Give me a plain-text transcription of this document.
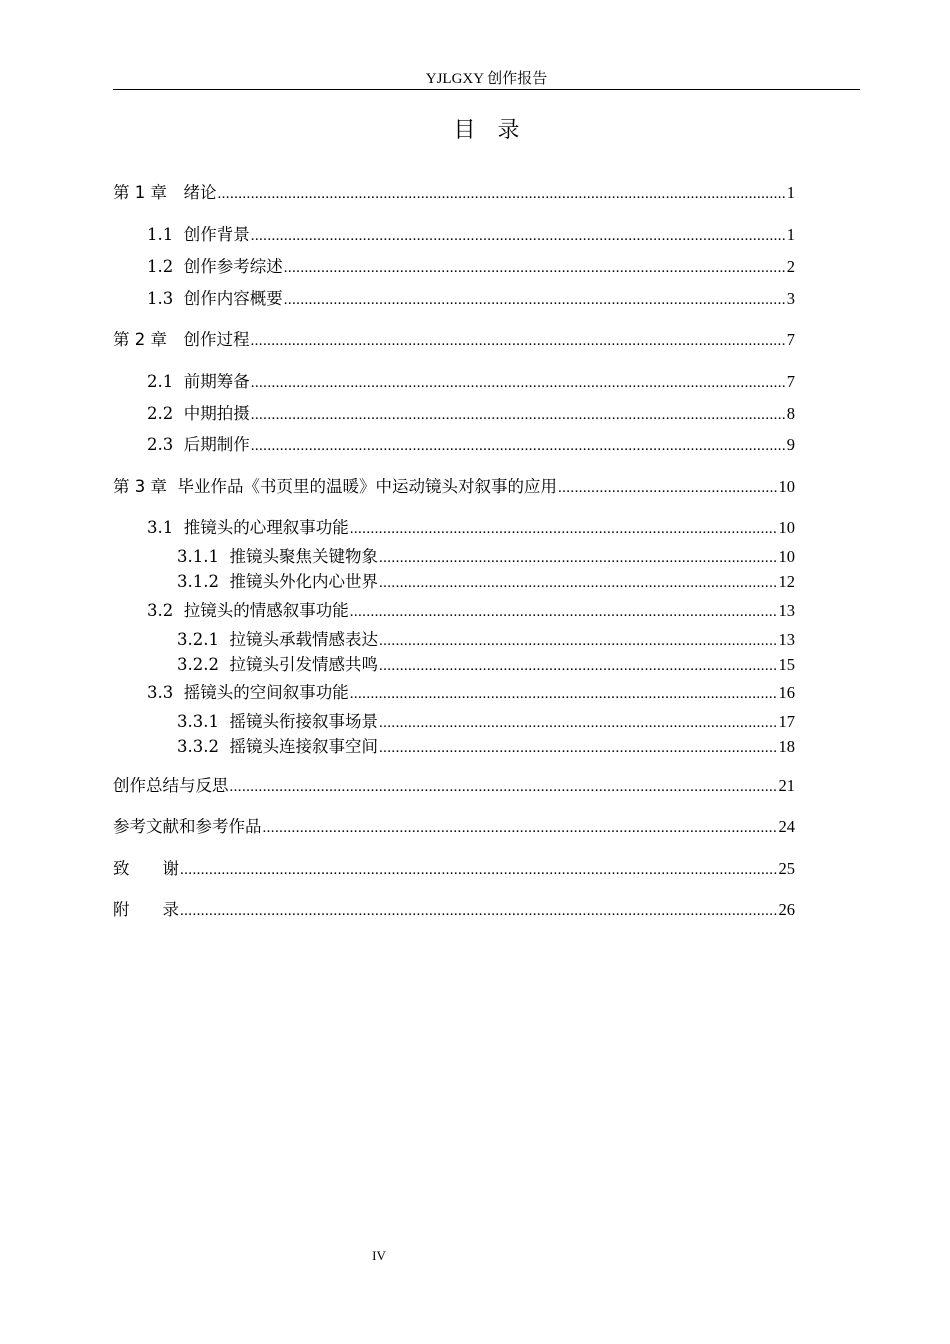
YJLGXY 创作报告
目 录
第 1 章　绪论 .....	1
1.1  创作背景 .....	1
1.2  创作参考综述 .....	2
1.3  创作内容概要 .....	3
第 2 章　创作过程 .....	7
2.1  前期筹备 .....	7
2.2  中期拍摄 .....	8
2.3  后期制作 .....	9
第 3 章  毕业作品《书页里的温暖》中运动镜头对叙事的应用 .....	10
3.1  推镜头的心理叙事功能 .....	10
3.1.1  推镜头聚焦关键物象 .....	10
3.1.2  推镜头外化内心世界 .....	12
3.2  拉镜头的情感叙事功能 .....	13
3.2.1  拉镜头承载情感表达 .....	13
3.2.2  拉镜头引发情感共鸣 .....	15
3.3  摇镜头的空间叙事功能 .....	16
3.3.1  摇镜头衔接叙事场景 .....	17
3.3.2  摇镜头连接叙事空间 .....	18
创作总结与反思 .....	21
参考文献和参考作品 .....	24
致　　谢 .....	25
附　　录 .....	26
IV
